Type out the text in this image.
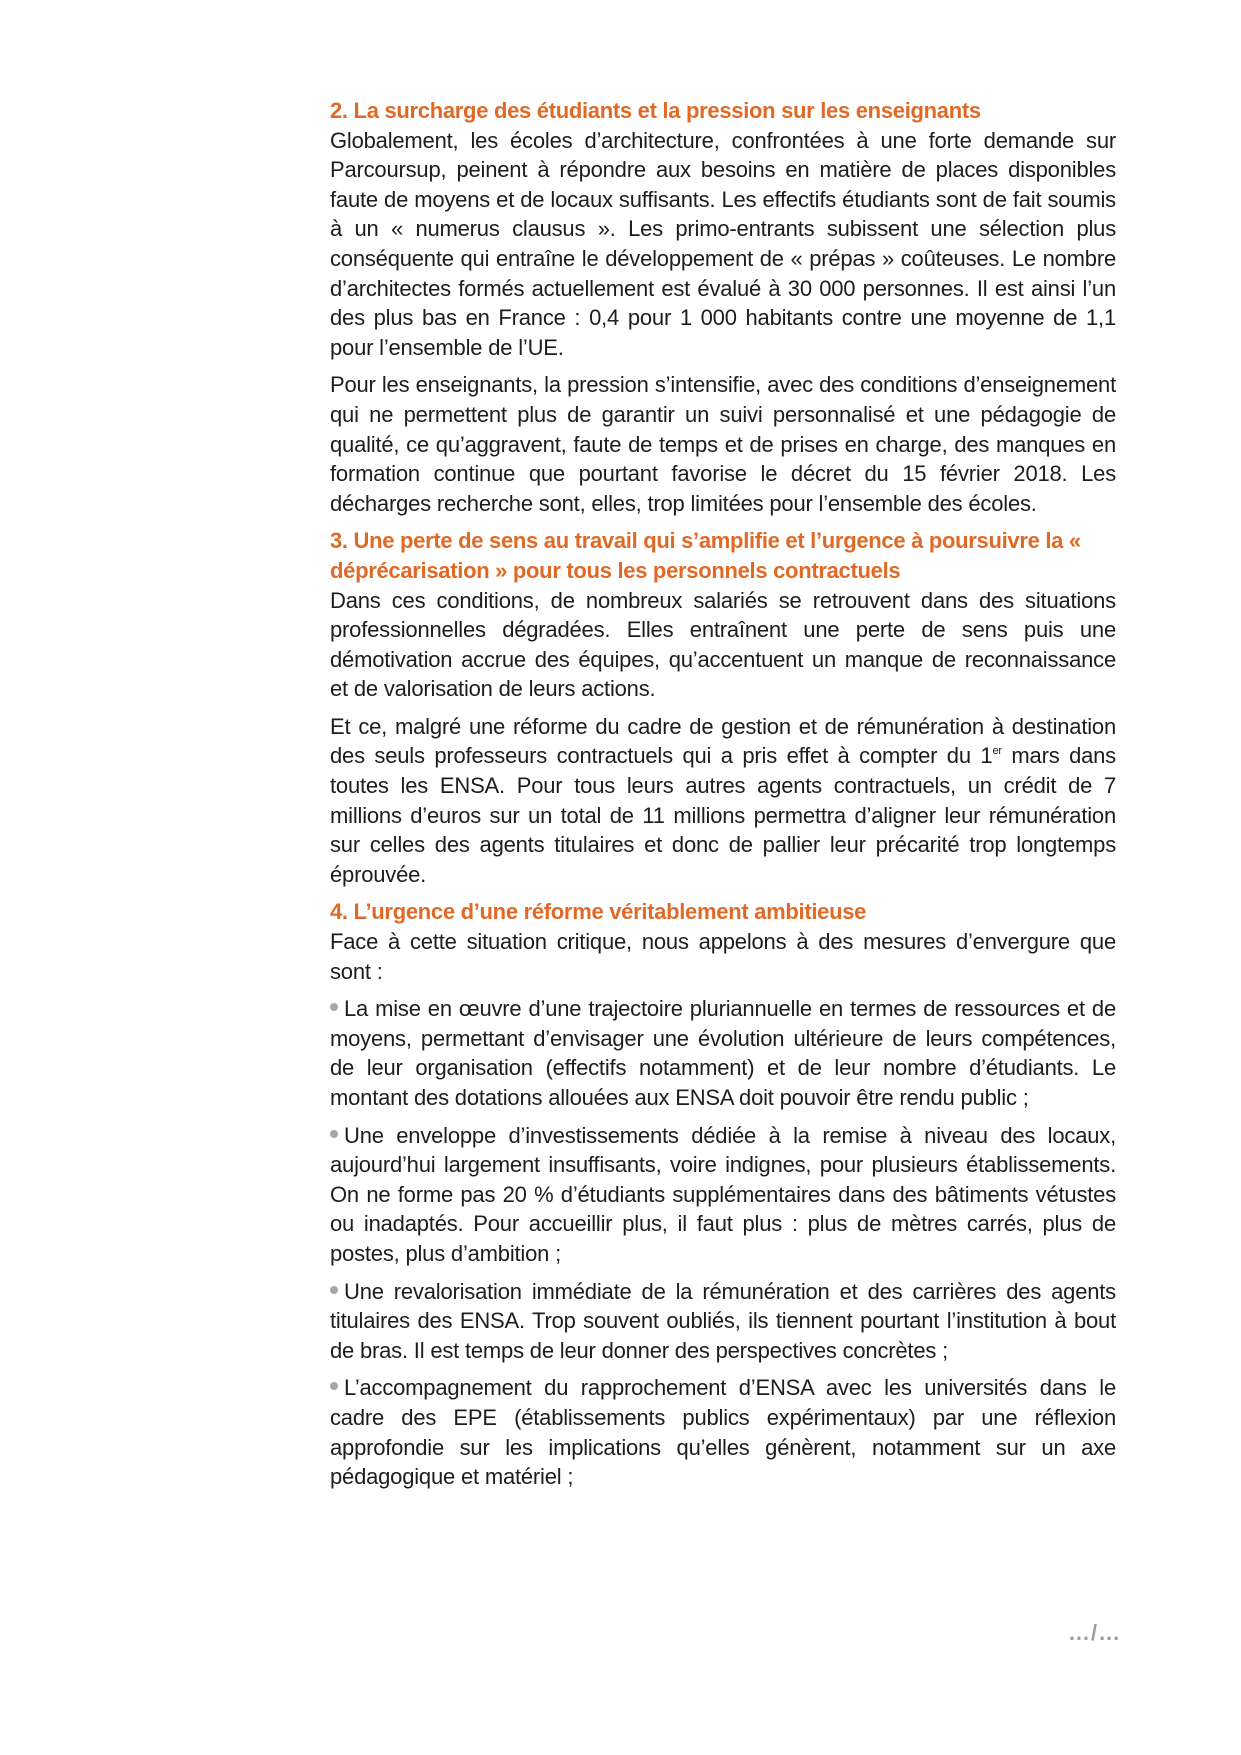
2. La surcharge des étudiants et la pression sur les enseignants

Globalement, les écoles d’architecture, confrontées à une forte demande sur Parcoursup, peinent à répondre aux besoins en matière de places disponibles faute de moyens et de locaux suffisants. Les effectifs étudiants sont de fait soumis à un « numerus clausus ». Les primo-entrants subissent une sélection plus conséquente qui entraîne le développement de « prépas » coûteuses. Le nombre d’architectes formés actuellement est évalué à 30 000 personnes. Il est ainsi l’un des plus bas en France : 0,4 pour 1 000 habitants contre une moyenne de 1,1 pour l’ensemble de l’UE.

Pour les enseignants, la pression s’intensifie, avec des conditions d’enseignement qui ne permettent plus de garantir un suivi personnalisé et une pédagogie de qualité, ce qu’aggravent, faute de temps et de prises en charge, des manques en formation continue que pourtant favorise le décret du 15 février 2018. Les décharges recherche sont, elles, trop limitées pour l’ensemble des écoles.

3. Une perte de sens au travail qui s’amplifie et l’urgence à poursuivre la « déprécarisation » pour tous les personnels contractuels

Dans ces conditions, de nombreux salariés se retrouvent dans des situations professionnelles dégradées. Elles entraînent une perte de sens puis une démotivation accrue des équipes, qu’accentuent un manque de reconnaissance et de valorisation de leurs actions.

Et ce, malgré une réforme du cadre de gestion et de rémunération à destination des seuls professeurs contractuels qui a pris effet à compter du 1er mars dans toutes les ENSA. Pour tous leurs autres agents contractuels, un crédit de 7 millions d’euros sur un total de 11 millions permettra d’aligner leur rémunération sur celles des agents titulaires et donc de pallier leur précarité trop longtemps éprouvée.

4. L’urgence d’une réforme véritablement ambitieuse

Face à cette situation critique, nous appelons à des mesures d’envergure que sont :

La mise en œuvre d’une trajectoire pluriannuelle en termes de ressources et de moyens, permettant d’envisager une évolution ultérieure de leurs compétences, de leur organisation (effectifs notamment) et de leur nombre d’étudiants. Le montant des dotations allouées aux ENSA doit pouvoir être rendu public ;

Une enveloppe d’investissements dédiée à la remise à niveau des locaux, aujourd’hui largement insuffisants, voire indignes, pour plusieurs établissements. On ne forme pas 20 % d’étudiants supplémentaires dans des bâtiments vétustes ou inadaptés. Pour accueillir plus, il faut plus : plus de mètres carrés, plus de postes, plus d’ambition ;

Une revalorisation immédiate de la rémunération et des carrières des agents titulaires des ENSA. Trop souvent oubliés, ils tiennent pourtant l’institution à bout de bras. Il est temps de leur donner des perspectives concrètes ;

L’accompagnement du rapprochement d’ENSA avec les universités dans le cadre des EPE (établissements publics expérimentaux) par une réflexion approfondie sur les implications qu’elles génèrent, notamment sur un axe pédagogique et matériel ;

…/…
